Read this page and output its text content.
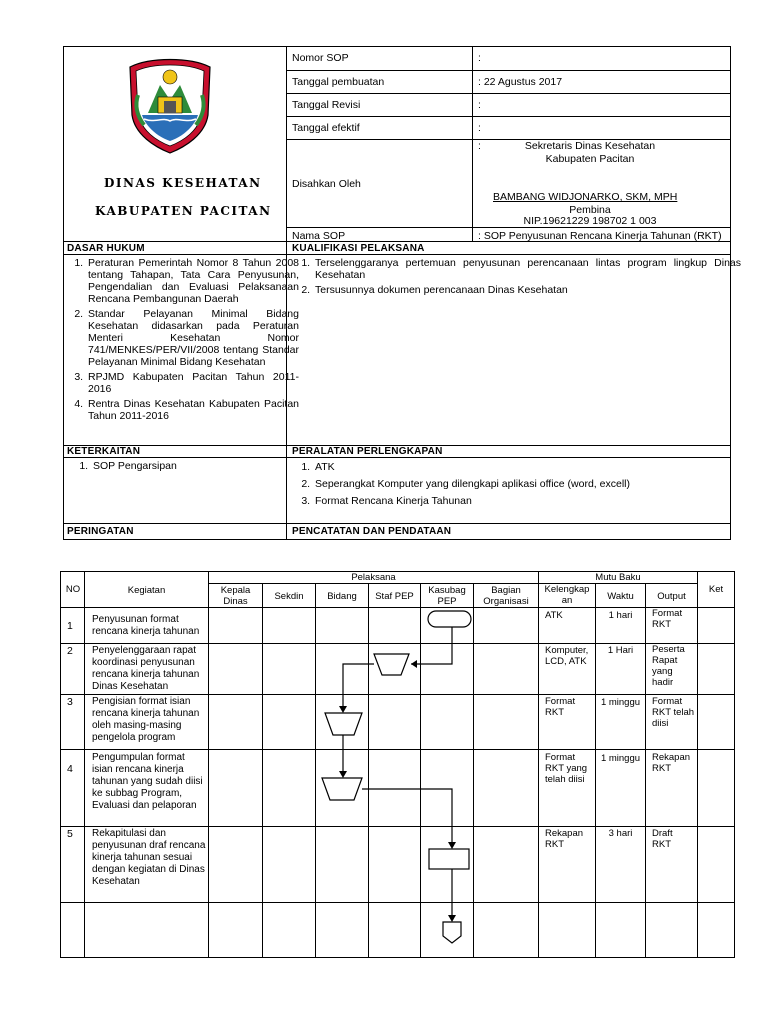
DINAS KESEHATAN
KABUPATEN PACITAN
Nomor SOP	:
Tanggal pembuatan	: 22 Agustus 2017
Tanggal Revisi	:
Tanggal efektif	:
Disahkan Oleh
:	Sekretaris Dinas Kesehatan
Kabupaten Pacitan
BAMBANG WIDJONARKO, SKM, MPH
Pembina
NIP.19621229 198702 1 003
Nama SOP	: SOP Penyusunan Rencana Kinerja Tahunan (RKT)
DASAR HUKUM	KUALIFIKASI PELAKSANA
KETERKAITAN	PERALATAN PERLENGKAPAN
PERINGATAN	PENCATATAN DAN PENDATAAN
1. Peraturan Pemerintah Nomor 8 Tahun 2008 tentang Tahapan, Tata Cara Penyusunan, Pengendalian dan Evaluasi Pelaksanaan Rencana Pembangunan Daerah
2. Standar Pelayanan Minimal Bidang Kesehatan didasarkan pada Peraturan Menteri Kesehatan Nomor 741/MENKES/PER/VII/2008 tentang Standar Pelayanan Minimal Bidang Kesehatan
3. RPJMD Kabupaten Pacitan Tahun 2011-2016
4. Rentra Dinas Kesehatan Kabupaten Pacitan Tahun 2011-2016
1. Terselenggaranya pertemuan penyusunan perencanaan lintas program lingkup Dinas Kesehatan
2. Tersusunnya dokumen perencanaan Dinas Kesehatan
1. SOP Pengarsipan
1.	ATK
2. Seperangkat Komputer yang dilengkapi aplikasi office (word, excell)
3. Format Rencana Kinerja Tahunan
NO	Kegiatan
Pelaksana	Mutu Baku
Ket
Kepala Dinas	Sekdin	Bidang	Staf PEP
Kasubag PEP
Bagian Organisasi
Kelengkap an	Waktu	Output
1
Penyusunan format rencana kinerja tahunan
ATK	1 hari	Format RKT
2 Penyelenggaraan rapat koordinasi penyusunan rencana kinerja tahunan Dinas Kesehatan
Komputer, LCD, ATK
1 Hari	Peserta Rapat yang hadir
3 Pengisian format isian rencana kinerja tahunan oleh masing-masing pengelola program
Format RKT
1 minggu	Format RKT telah diisi
4
Pengumpulan format isian rencana kinerja tahunan yang sudah diisi ke subbag Program, Evaluasi dan pelaporan
Format RKT yang telah diisi
1 minggu	Rekapan RKT
5 Rekapitulasi dan penyusunan draf rencana kinerja tahunan sesuai dengan kegiatan di Dinas Kesehatan
Rekapan RKT
3 hari	Draft RKT
